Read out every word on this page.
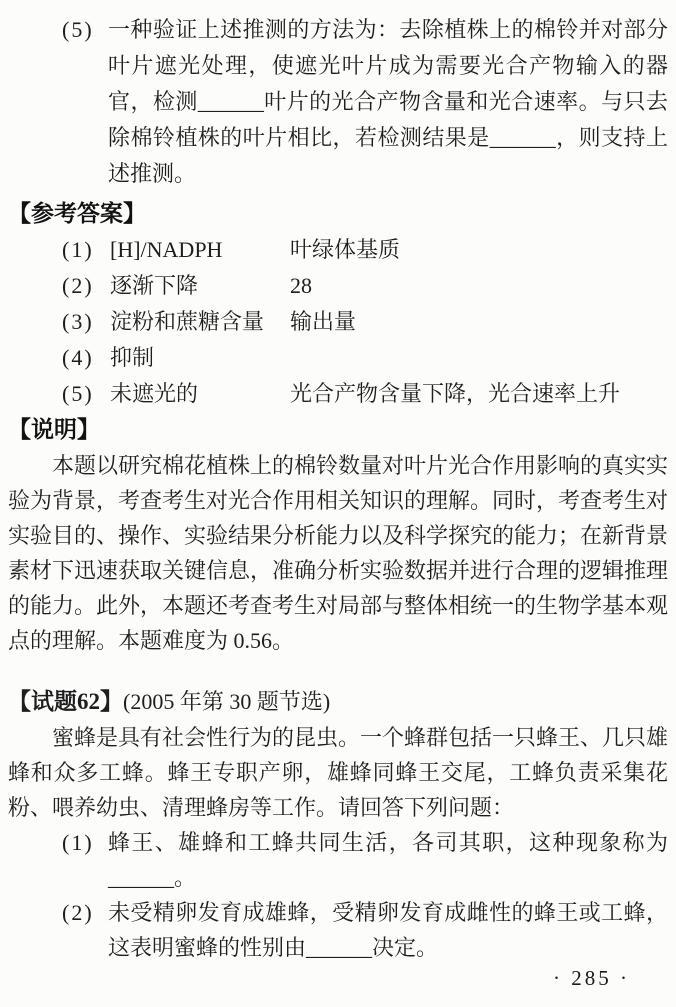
(5) 一种验证上述推测的方法为：去除植株上的棉铃并对部分叶片遮光处理，使遮光叶片成为需要光合产物输入的器官，检测______叶片的光合产物含量和光合速率。与只去除棉铃植株的叶片相比，若检测结果是______，则支持上述推测。
【参考答案】
(1) [H]/NADPH	叶绿体基质
(2) 逐渐下降	28
(3) 淀粉和蔗糖含量	输出量
(4) 抑制
(5) 未遮光的	光合产物含量下降，光合速率上升
【说明】

本题以研究棉花植株上的棉铃数量对叶片光合作用影响的真实实验为背景，考查考生对光合作用相关知识的理解。同时，考查考生对实验目的、操作、实验结果分析能力以及科学探究的能力；在新背景素材下迅速获取关键信息，准确分析实验数据并进行合理的逻辑推理的能力。此外，本题还考查考生对局部与整体相统一的生物学基本观点的理解。本题难度为 0.56。

【试题62】(2005 年第 30 题节选)

蜜蜂是具有社会性行为的昆虫。一个蜂群包括一只蜂王、几只雄蜂和众多工蜂。蜂王专职产卵，雄蜂同蜂王交尾，工蜂负责采集花粉、喂养幼虫、清理蜂房等工作。请回答下列问题：

(1) 蜂王、雄蜂和工蜂共同生活，各司其职，这种现象称为______。
(2) 未受精卵发育成雄蜂，受精卵发育成雌性的蜂王或工蜂，这表明蜜蜂的性别由______决定。
· 285 ·
